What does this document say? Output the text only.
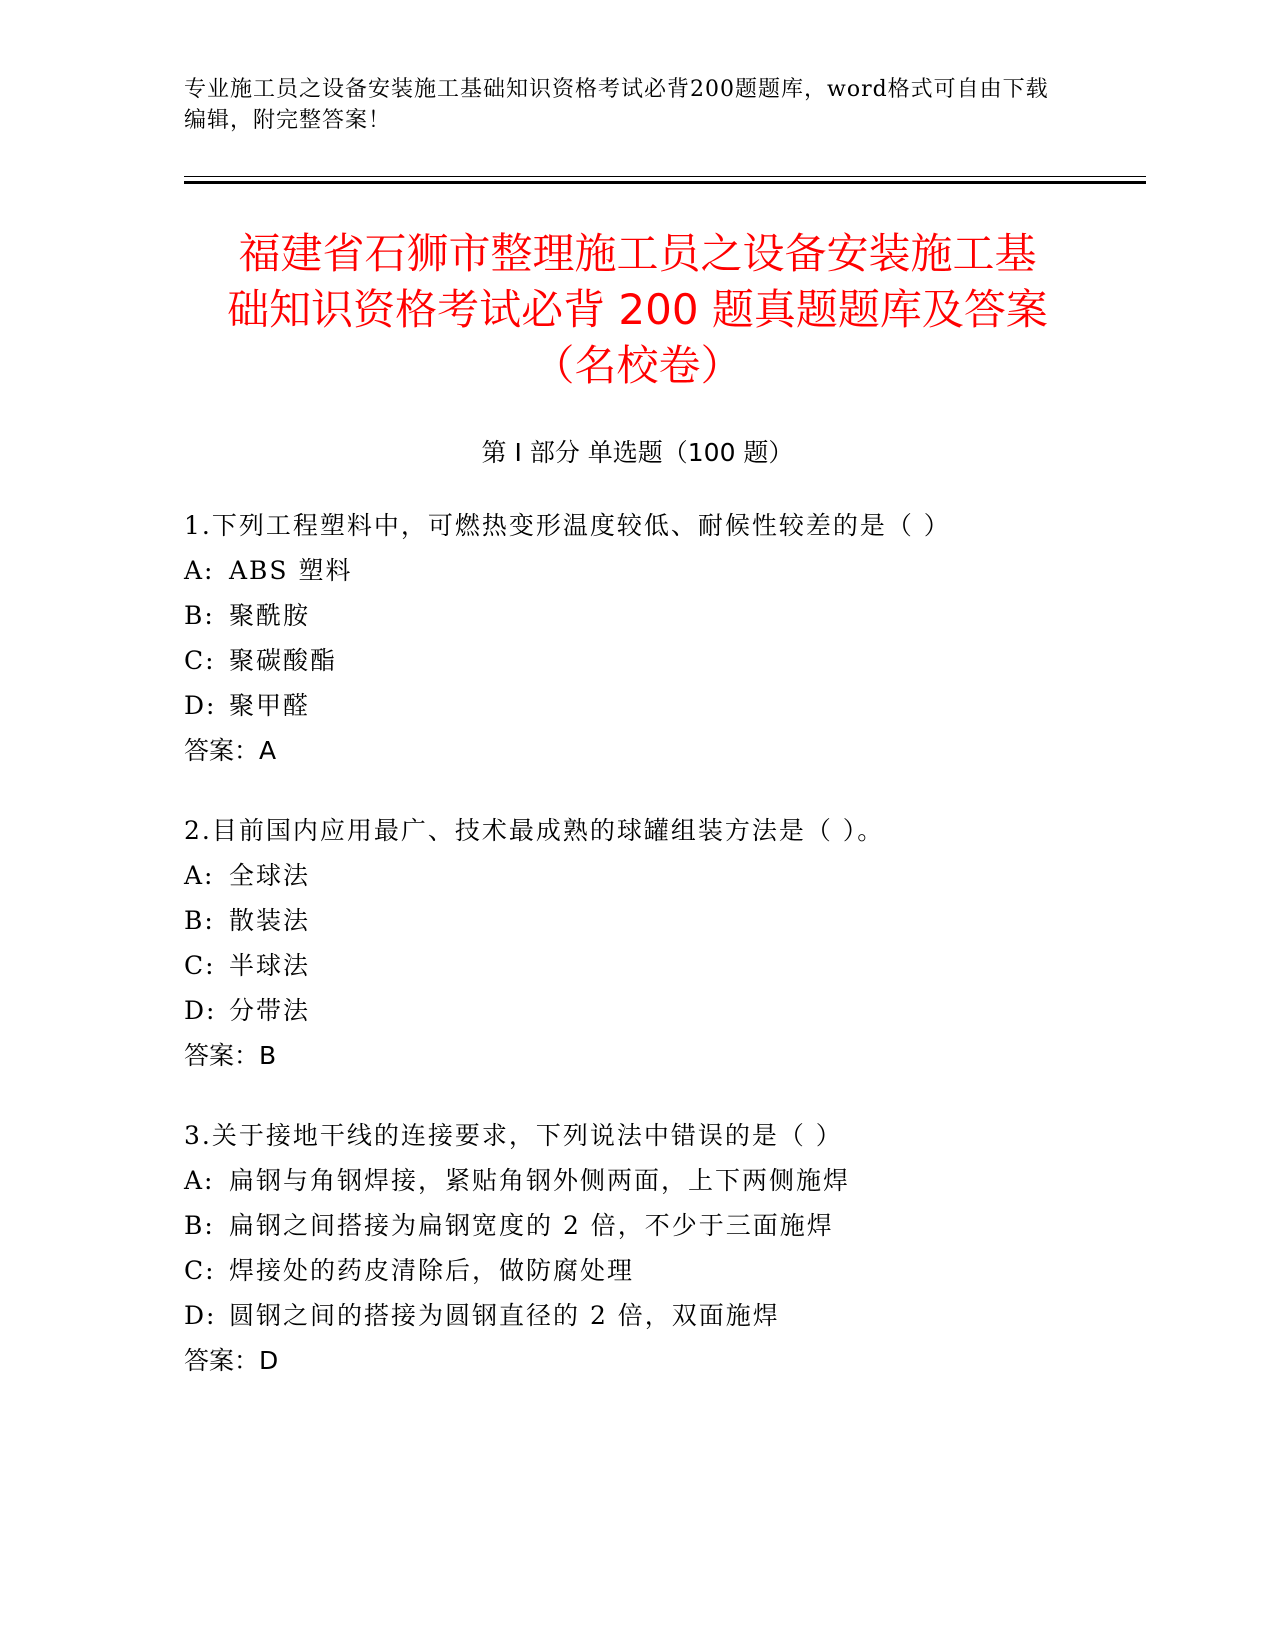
专业施工员之设备安装施工基础知识资格考试必背200题题库，word格式可自由下载编辑，附完整答案！
福建省石狮市整理施工员之设备安装施工基
础知识资格考试必背 200 题真题题库及答案
（名校卷）
第 I 部分 单选题（100 题）
1.下列工程塑料中，可燃热变形温度较低、耐候性较差的是（ ）
A: ABS 塑料
B: 聚酰胺
C: 聚碳酸酯
D: 聚甲醛
答案：A
2.目前国内应用最广、技术最成熟的球罐组装方法是（ ）。
A: 全球法
B: 散装法
C: 半球法
D: 分带法
答案：B
3.关于接地干线的连接要求，下列说法中错误的是（ ）
A: 扁钢与角钢焊接，紧贴角钢外侧两面，上下两侧施焊
B: 扁钢之间搭接为扁钢宽度的 2 倍，不少于三面施焊
C: 焊接处的药皮清除后，做防腐处理
D: 圆钢之间的搭接为圆钢直径的 2 倍，双面施焊
答案：D
